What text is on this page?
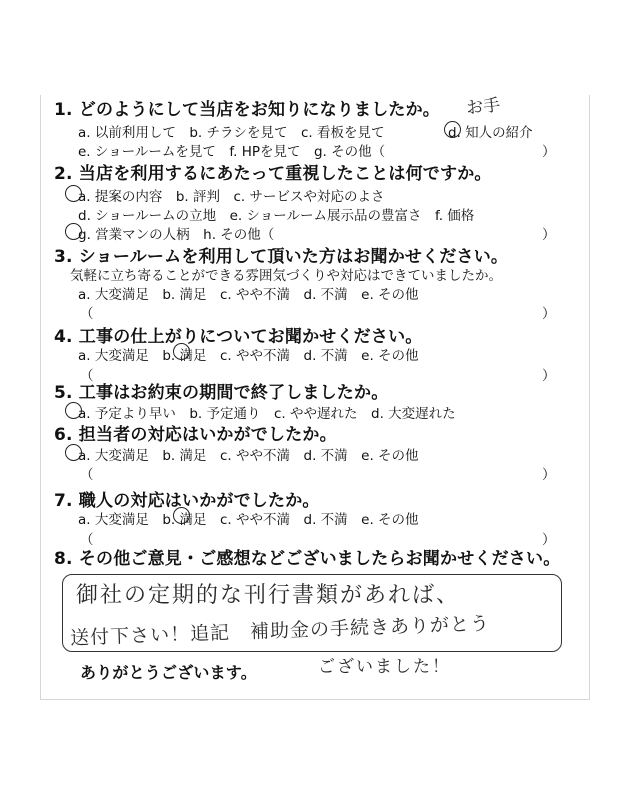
1. どのようにして当店をお知りになりましたか。 お手
a. 以前利用して　b. チラシを見て　c. 看板を見て	d. 知人の紹介
e. ショールームを見て　f. HPを見て　g. その他（	）
2. 当店を利用するにあたって重視したことは何ですか。
a. 提案の内容　b. 評判　c. サービスや対応のよさ
d. ショールームの立地　e. ショールーム展示品の豊富さ　f. 価格
g. 営業マンの人柄　h. その他（	）
3. ショールームを利用して頂いた方はお聞かせください。
気軽に立ち寄ることができる雰囲気づくりや対応はできていましたか。
a. 大変満足　b. 満足　c. やや不満　d. 不満　e. その他
（	）
4. 工事の仕上がりについてお聞かせください。
a. 大変満足　b. 満足　c. やや不満　d. 不満　e. その他
（	）
5. 工事はお約束の期間で終了しましたか。
a. 予定より早い　b. 予定通り　c. やや遅れた　d. 大変遅れた
6. 担当者の対応はいかがでしたか。
a. 大変満足　b. 満足　c. やや不満　d. 不満　e. その他
（	）
7. 職人の対応はいかがでしたか。
a. 大変満足　b. 満足　c. やや不満　d. 不満　e. その他
（	）
8. その他ご意見・ご感想などございましたらお聞かせください。
御社の定期的な刊行書類があれば、
送付下さい！追記　補助金の手続きありがとう
ありがとうございます。	ございました！
